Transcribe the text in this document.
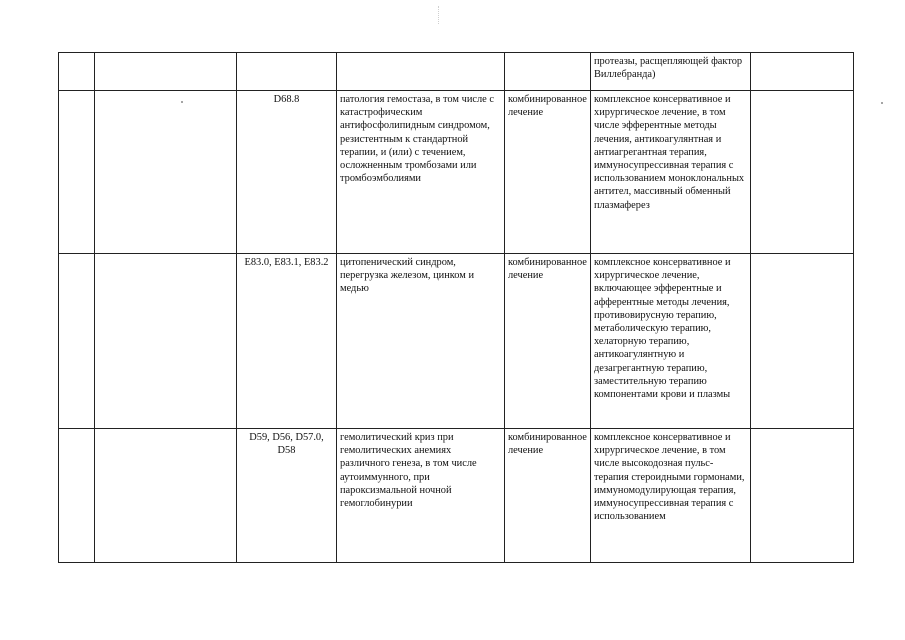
					протеазы, расщепляющей фактор Виллебранда)	
		D68.8	патология гемостаза, в том числе с катастрофическим антифосфолипидным синдромом, резистентным к стандартной терапии, и (или) с течением, осложненным тромбозами или тромбоэмболиями	комбинированное лечение	комплексное консервативное и хирургическое лечение, в том числе эфферентные методы лечения, антикоагулянтная и антиагрегантная терапия, иммуносупрессивная терапия с использованием моноклональных антител, массивный обменный плазмаферез	
		E83.0, E83.1, E83.2	цитопенический синдром, перегрузка железом, цинком и медью	комбинированное лечение	комплексное консервативное и хирургическое лечение, включающее эфферентные и афферентные методы лечения, противовирусную терапию, метаболическую терапию, хелаторную терапию, антикоагулянтную и дезагрегантную терапию, заместительную терапию компонентами крови и плазмы	
		D59, D56, D57.0, D58	гемолитический криз при гемолитических анемиях различного генеза, в том числе аутоиммунного, при пароксизмальной ночной гемоглобинурии	комбинированное лечение	комплексное консервативное и хирургическое лечение, в том числе высокодозная пульс-терапия стероидными гормонами, иммуномодулирующая терапия, иммуносупрессивная терапия с использованием	
